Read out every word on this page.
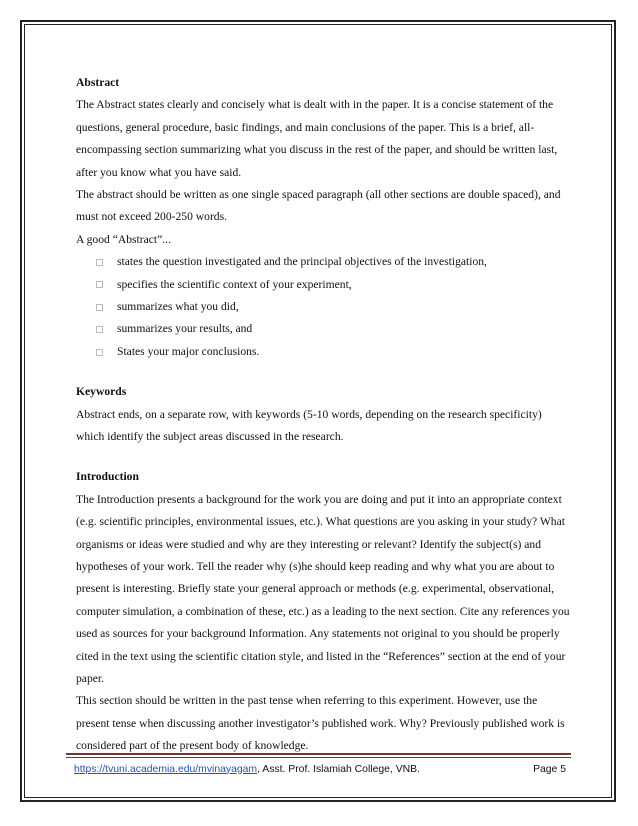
Abstract

The Abstract states clearly and concisely what is dealt with in the paper. It is a concise statement of the questions, general procedure, basic findings, and main conclusions of the paper. This is a brief, all-encompassing section summarizing what you discuss in the rest of the paper, and should be written last, after you know what you have said.

The abstract should be written as one single spaced paragraph (all other sections are double spaced), and must not exceed 200-250 words.

A good “Abstract”...

states the question investigated and the principal objectives of the investigation,
specifies the scientific context of your experiment,
summarizes what you did,
summarizes your results, and
States your major conclusions.

Keywords

Abstract ends, on a separate row, with keywords (5-10 words, depending on the research specificity) which identify the subject areas discussed in the research.

Introduction

The Introduction presents a background for the work you are doing and put it into an appropriate context (e.g. scientific principles, environmental issues, etc.). What questions are you asking in your study? What organisms or ideas were studied and why are they interesting or relevant? Identify the subject(s) and hypotheses of your work. Tell the reader why (s)he should keep reading and why what you are about to present is interesting. Briefly state your general approach or methods (e.g. experimental, observational, computer simulation, a combination of these, etc.) as a leading to the next section. Cite any references you used as sources for your background Information. Any statements not original to you should be properly cited in the text using the scientific citation style, and listed in the “References” section at the end of your paper.

This section should be written in the past tense when referring to this experiment. However, use the present tense when discussing another investigator’s published work. Why? Previously published work is considered part of the present body of knowledge.

https://tvuni.academia.edu/mvinayagam, Asst. Prof. Islamiah College, VNB.	Page 5
